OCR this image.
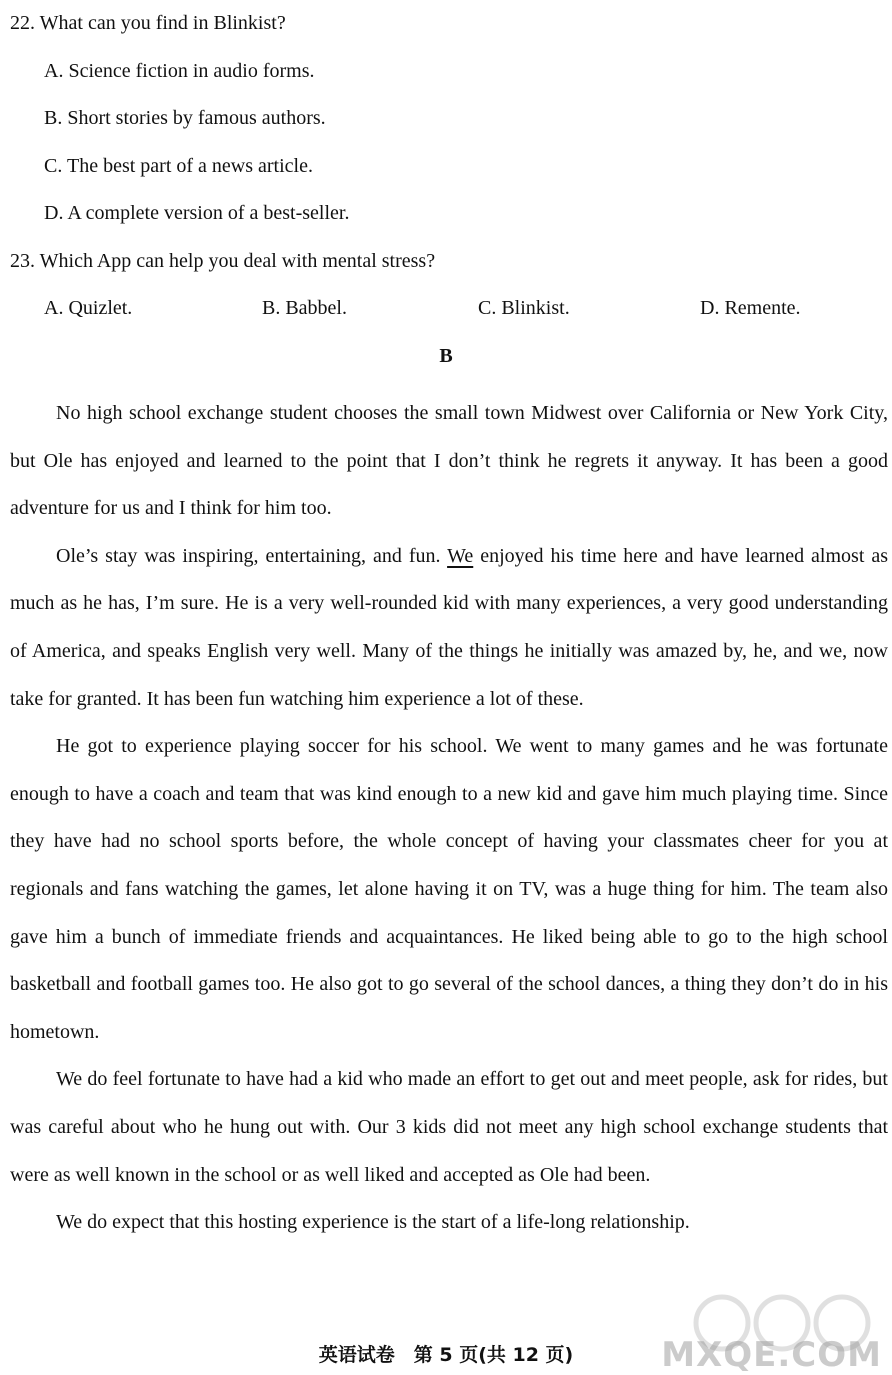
22. What can you find in Blinkist?
A. Science fiction in audio forms.
B. Short stories by famous authors.
C. The best part of a news article.
D. A complete version of a best-seller.
23. Which App can help you deal with mental stress?
A. Quizlet.	B. Babbel.	C. Blinkist.	D. Remente.
B

No high school exchange student chooses the small town Midwest over California or New York City, but Ole has enjoyed and learned to the point that I don’t think he regrets it anyway. It has been a good adventure for us and I think for him too.

Ole’s stay was inspiring, entertaining, and fun. We enjoyed his time here and have learned almost as much as he has, I’m sure. He is a very well-rounded kid with many experiences, a very good understanding of America, and speaks English very well. Many of the things he initially was amazed by, he, and we, now take for granted. It has been fun watching him experience a lot of these.

He got to experience playing soccer for his school. We went to many games and he was fortunate enough to have a coach and team that was kind enough to a new kid and gave him much playing time. Since they have had no school sports before, the whole concept of having your classmates cheer for you at regionals and fans watching the games, let alone having it on TV, was a huge thing for him. The team also gave him a bunch of immediate friends and acquaintances. He liked being able to go to the high school basketball and football games too. He also got to go several of the school dances, a thing they don’t do in his hometown.

We do feel fortunate to have had a kid who made an effort to get out and meet people, ask for rides, but was careful about who he hung out with. Our 3 kids did not meet any high school exchange students that were as well known in the school or as well liked and accepted as Ole had been.

We do expect that this hosting experience is the start of a life-long relationship.

英语试卷　第 5 页(共 12 页)	MXQE.COM
